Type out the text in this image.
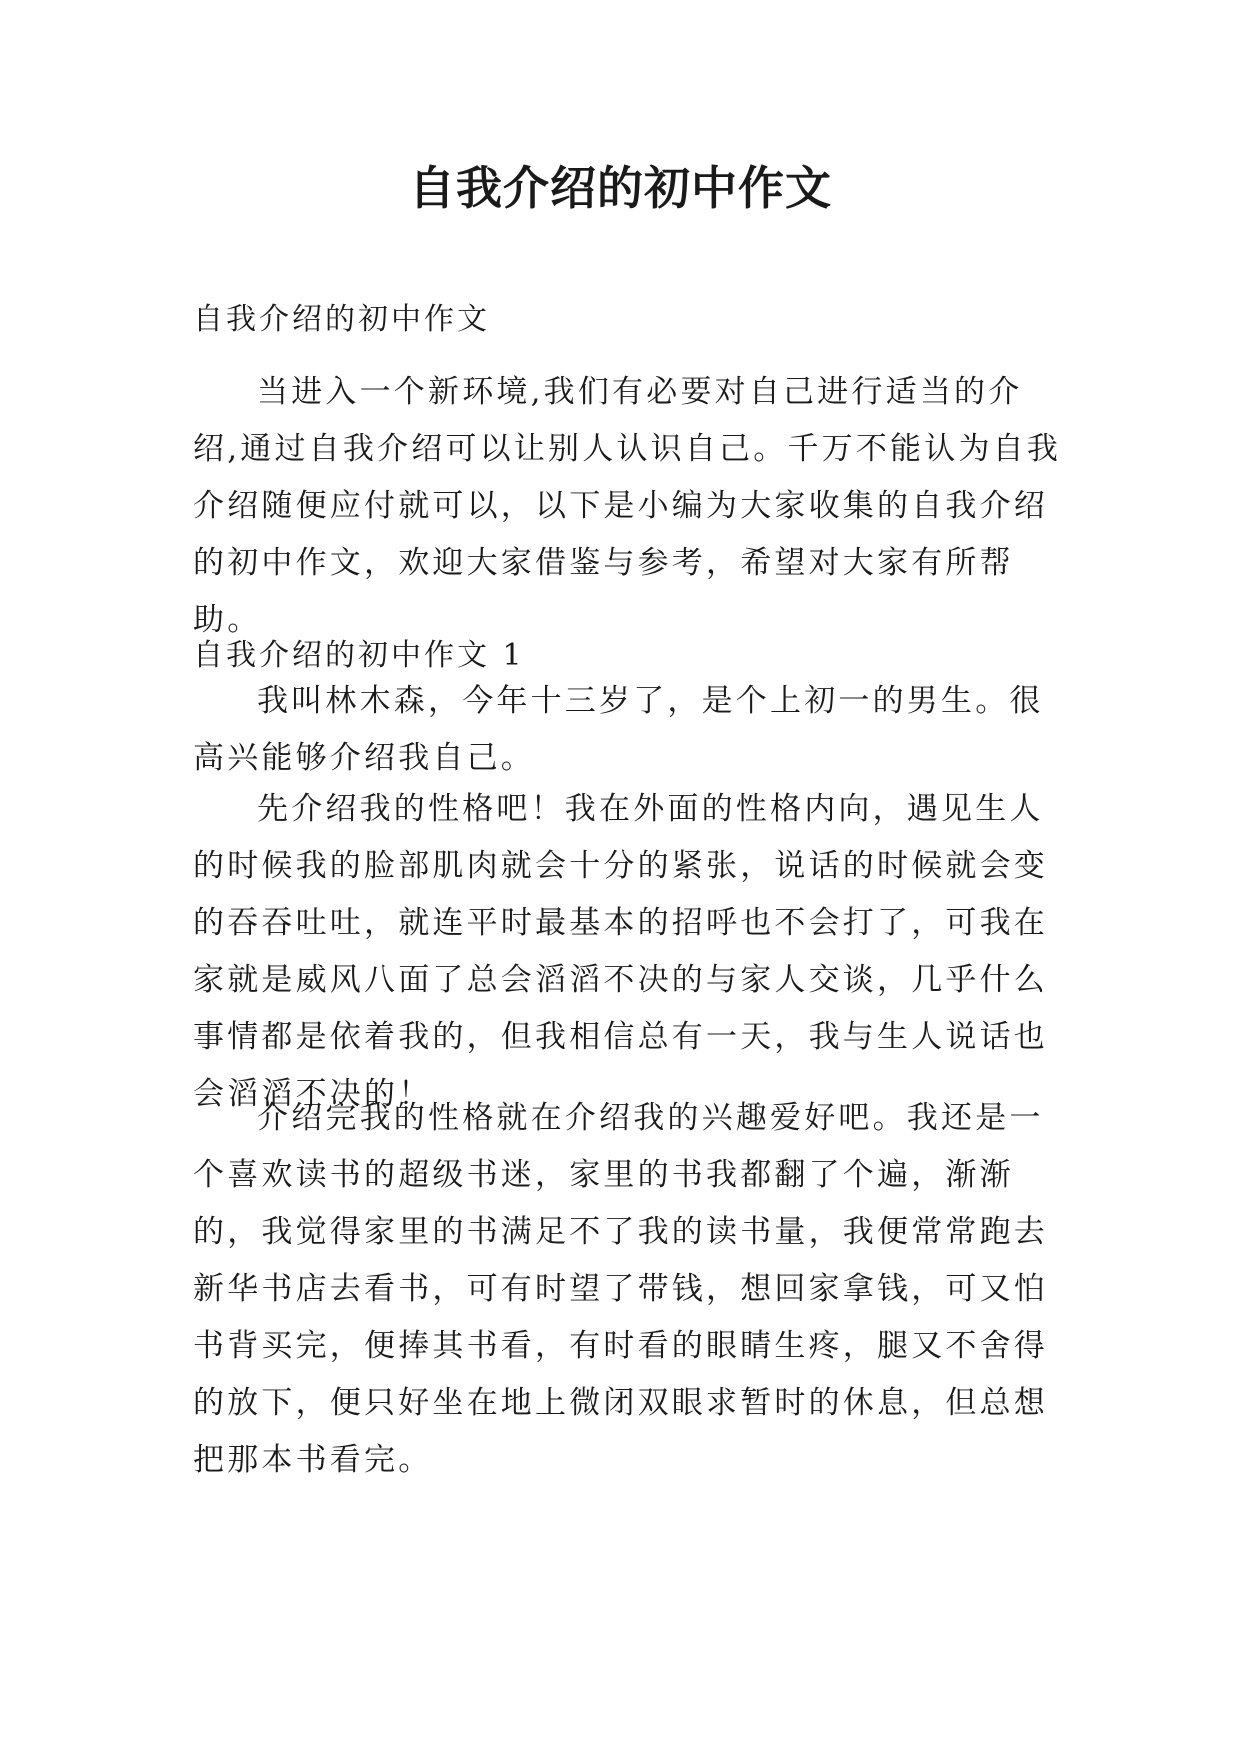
自我介绍的初中作文

自我介绍的初中作文

当进入一个新环境,我们有必要对自己进行适当的介绍,通过自我介绍可以让别人认识自己。千万不能认为自我介绍随便应付就可以，以下是小编为大家收集的自我介绍的初中作文，欢迎大家借鉴与参考，希望对大家有所帮助。

自我介绍的初中作文 1

我叫林木森，今年十三岁了，是个上初一的男生。很高兴能够介绍我自己。

先介绍我的性格吧！我在外面的性格内向，遇见生人的时候我的脸部肌肉就会十分的紧张，说话的时候就会变的吞吞吐吐，就连平时最基本的招呼也不会打了，可我在家就是威风八面了总会滔滔不决的与家人交谈，几乎什么事情都是依着我的，但我相信总有一天，我与生人说话也会滔滔不决的！

介绍完我的性格就在介绍我的兴趣爱好吧。我还是一个喜欢读书的超级书迷，家里的书我都翻了个遍，渐渐的，我觉得家里的书满足不了我的读书量，我便常常跑去新华书店去看书，可有时望了带钱，想回家拿钱，可又怕书背买完，便捧其书看，有时看的眼睛生疼，腿又不舍得的放下，便只好坐在地上微闭双眼求暂时的休息，但总想把那本书看完。
